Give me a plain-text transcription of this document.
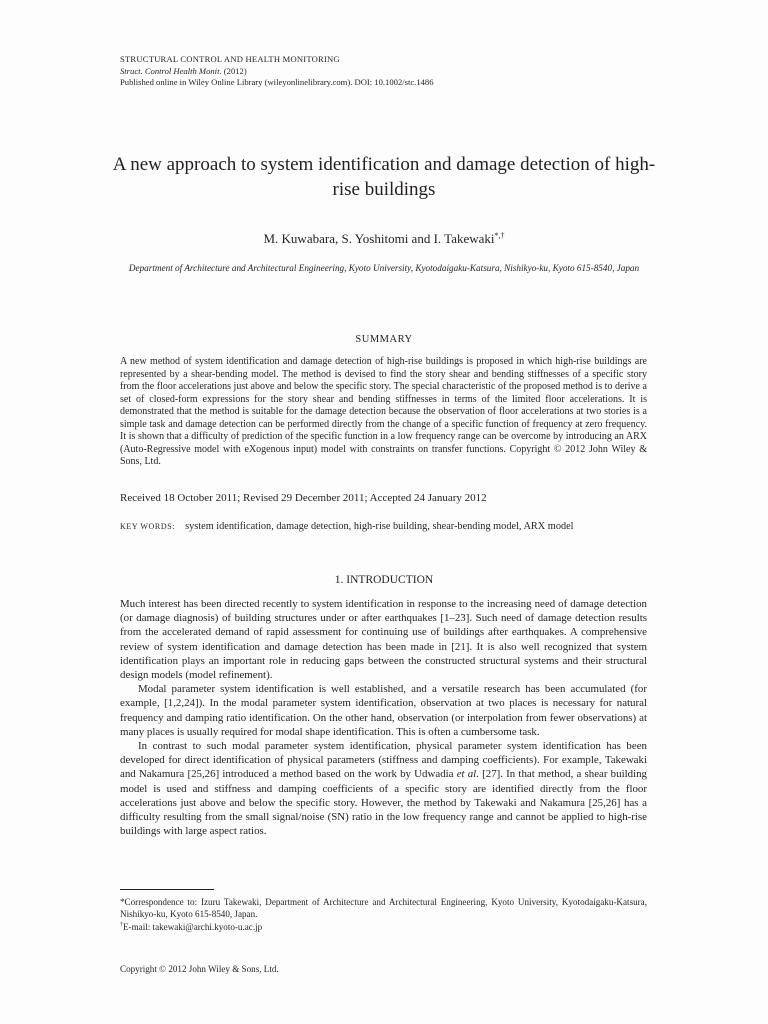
STRUCTURAL CONTROL AND HEALTH MONITORING
Struct. Control Health Monit. (2012)
Published online in Wiley Online Library (wileyonlinelibrary.com). DOI: 10.1002/stc.1486
A new approach to system identification and damage detection of high-rise buildings
M. Kuwabara, S. Yoshitomi and I. Takewaki*,†
Department of Architecture and Architectural Engineering, Kyoto University, Kyotodaigaku-Katsura, Nishikyo-ku, Kyoto 615-8540, Japan
SUMMARY
A new method of system identification and damage detection of high-rise buildings is proposed in which high-rise buildings are represented by a shear-bending model. The method is devised to find the story shear and bending stiffnesses of a specific story from the floor accelerations just above and below the specific story. The special characteristic of the proposed method is to derive a set of closed-form expressions for the story shear and bending stiffnesses in terms of the limited floor accelerations. It is demonstrated that the method is suitable for the damage detection because the observation of floor accelerations at two stories is a simple task and damage detection can be performed directly from the change of a specific function of frequency at zero frequency. It is shown that a difficulty of prediction of the specific function in a low frequency range can be overcome by introducing an ARX (Auto-Regressive model with eXogenous input) model with constraints on transfer functions. Copyright © 2012 John Wiley & Sons, Ltd.
Received 18 October 2011; Revised 29 December 2011; Accepted 24 January 2012
KEY WORDS: system identification, damage detection, high-rise building, shear-bending model, ARX model
1. INTRODUCTION

Much interest has been directed recently to system identification in response to the increasing need of damage detection (or damage diagnosis) of building structures under or after earthquakes [1–23]. Such need of damage detection results from the accelerated demand of rapid assessment for continuing use of buildings after earthquakes. A comprehensive review of system identification and damage detection has been made in [21]. It is also well recognized that system identification plays an important role in reducing gaps between the constructed structural systems and their structural design models (model refinement).

Modal parameter system identification is well established, and a versatile research has been accumulated (for example, [1,2,24]). In the modal parameter system identification, observation at two places is necessary for natural frequency and damping ratio identification. On the other hand, observation (or interpolation from fewer observations) at many places is usually required for modal shape identification. This is often a cumbersome task.

In contrast to such modal parameter system identification, physical parameter system identification has been developed for direct identification of physical parameters (stiffness and damping coefficients). For example, Takewaki and Nakamura [25,26] introduced a method based on the work by Udwadia et al. [27]. In that method, a shear building model is used and stiffness and damping coefficients of a specific story are identified directly from the floor accelerations just above and below the specific story. However, the method by Takewaki and Nakamura [25,26] has a difficulty resulting from the small signal/noise (SN) ratio in the low frequency range and cannot be applied to high-rise buildings with large aspect ratios.

*Correspondence to: Izuru Takewaki, Department of Architecture and Architectural Engineering, Kyoto University, Kyotodaigaku-Katsura, Nishikyo-ku, Kyoto 615-8540, Japan.

†E-mail: takewaki@archi.kyoto-u.ac.jp

Copyright © 2012 John Wiley & Sons, Ltd.
